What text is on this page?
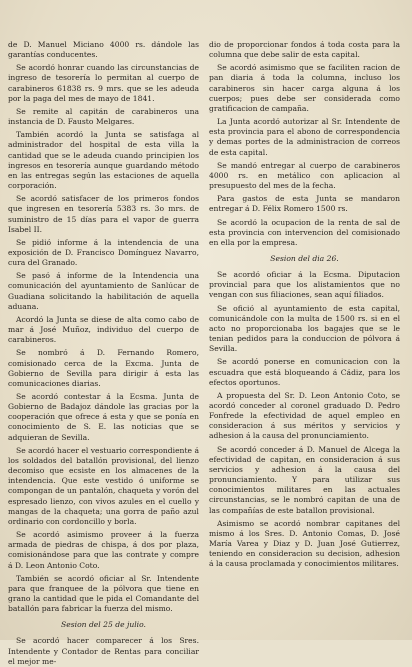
de D. Manuel Miciano 4000 rs. dándole las garantías conducentes.

Se acordó honrar cuando las circunstancias de ingreso de tesorería lo permitan al cuerpo de carabineros 61838 rs. 9 mrs. que se les adeuda por la paga del mes de mayo de 1841.

Se remite al capitán de carabineros una instancia de D. Fausto Melgares.

También acordó la Junta se satisfaga al administrador del hospital de esta villa la cantidad que se le adeuda cuando principien los ingresos en tesorería aunque guardando método en las entregas según las estaciones de aquella corporación.

Se acordó satisfacer de los primeros fondos que ingresen en tesorería 5383 rs. 3o mrs. de suministro de 15 días para el vapor de guerra Isabel II.

Se pidió informe á la intendencia de una exposición de D. Francisco Domínguez Navarro, cura del Granado.

Se pasó á informe de la Intendencia una comunicación del ayuntamiento de Sanlúcar de Guadiana solicitando la habilitación de aquella aduana.

Acordó la Junta se diese de alta como cabo de mar á José Muñoz, individuo del cuerpo de carabineros.

Se nombró á D. Fernando Romero, comisionado cerca de la Excma. Junta de Gobierno de Sevilla para dirigir á esta las comunicaciones diarias.

Se acordó contestar á la Ecsma. Junta de Gobierno de Badajoz dándole las gracias por la cooperación que ofrece á esta y que se ponía en conocimiento de S. E. las noticias que se adquieran de Sevilla.

Se acordó hacer el vestuario correspondiente á los soldados del batallón provisional, del lienzo decomiso que ecsiste en los almacenes de la intendencia. Que este vestido ó uniforme se compongan de un pantalón, chaqueta y vorón del espresado lienzo, con vivos azules en el cuello y mangas de la chaqueta; una gorra de paño azul ordinario con cordoncillo y borla.

Se acordó asimismo proveer á la fuerza armada de piedras de chispa, á dos por plaza, comisionándose para que las contrate y compre á D. Leon Antonio Coto.

También se acordó oficiar al Sr. Intendente para que franquee de la pólvora que tiene en grano la cantidad que le pida el Comandante del batallón para fabricar la fuerza del mismo.

Sesion del 25 de julio.

Se acordó hacer comparecer á los Sres. Intendente y Contador de Rentas para conciliar el mejor me-

dio de proporcionar fondos á toda costa para la columna que debe salir de esta capital.

Se acordó asimismo que se faciliten racion de pan diaria á toda la columna, incluso los carabineros sin hacer carga alguna á los cuerpos; pues debe ser considerada como gratificacion de campaña.

La Junta acordó autorizar al Sr. Intendente de esta provincia para el abono de correspondencia y demas portes de la administracion de correos de esta capital.

Se mandó entregar al cuerpo de carabineros 4000 rs. en metálico con aplicacion al presupuesto del mes de la fecha.

Para gastos de esta Junta se mandaron entregar á D. Félix Romero 1500 rs.

Se acordó la ocupacion de la renta de sal de esta provincia con intervencion del comisionado en ella por la empresa.

Sesion del dia 26.

Se acordó oficiar á la Ecsma. Diputacion provincial para que los alistamientos que no vengan con sus filiaciones, sean aquí filiados.

Se ofició al ayuntamiento de esta capital, comunicándole con la multa de 1500 rs. si en el acto no proporcionaba los bagajes que se le tenian pedidos para la conduccion de pólvora á Sevilla.

Se acordó ponerse en comunicacion con la escuadra que está bloqueando á Cádiz, para los efectos oportunos.

A propuesta del Sr. D. Leon Antonio Coto, se acordó conceder al coronel graduado D. Pedro Fonfrede la efectividad de aquel empleo en consideracion á sus méritos y servicios y adhesion á la causa del pronunciamiento.

Se acordó conceder á D. Manuel de Alcega la efectividad de capitan, en consideracion á sus servicios y adhesion á la causa del pronunciamiento. Y para utilizar sus conocimientos militares en las actuales circunstancias, se le nombró capitan de una de las compañías de este batallon provisional.

Asimismo se acordó nombrar capitanes del mismo á los Sres. D. Antonio Comas, D. José María Varea y Diaz y D. Juan José Gutierrez, teniendo en consideracion su decision, adhesion á la causa proclamada y conocimientos militares.
